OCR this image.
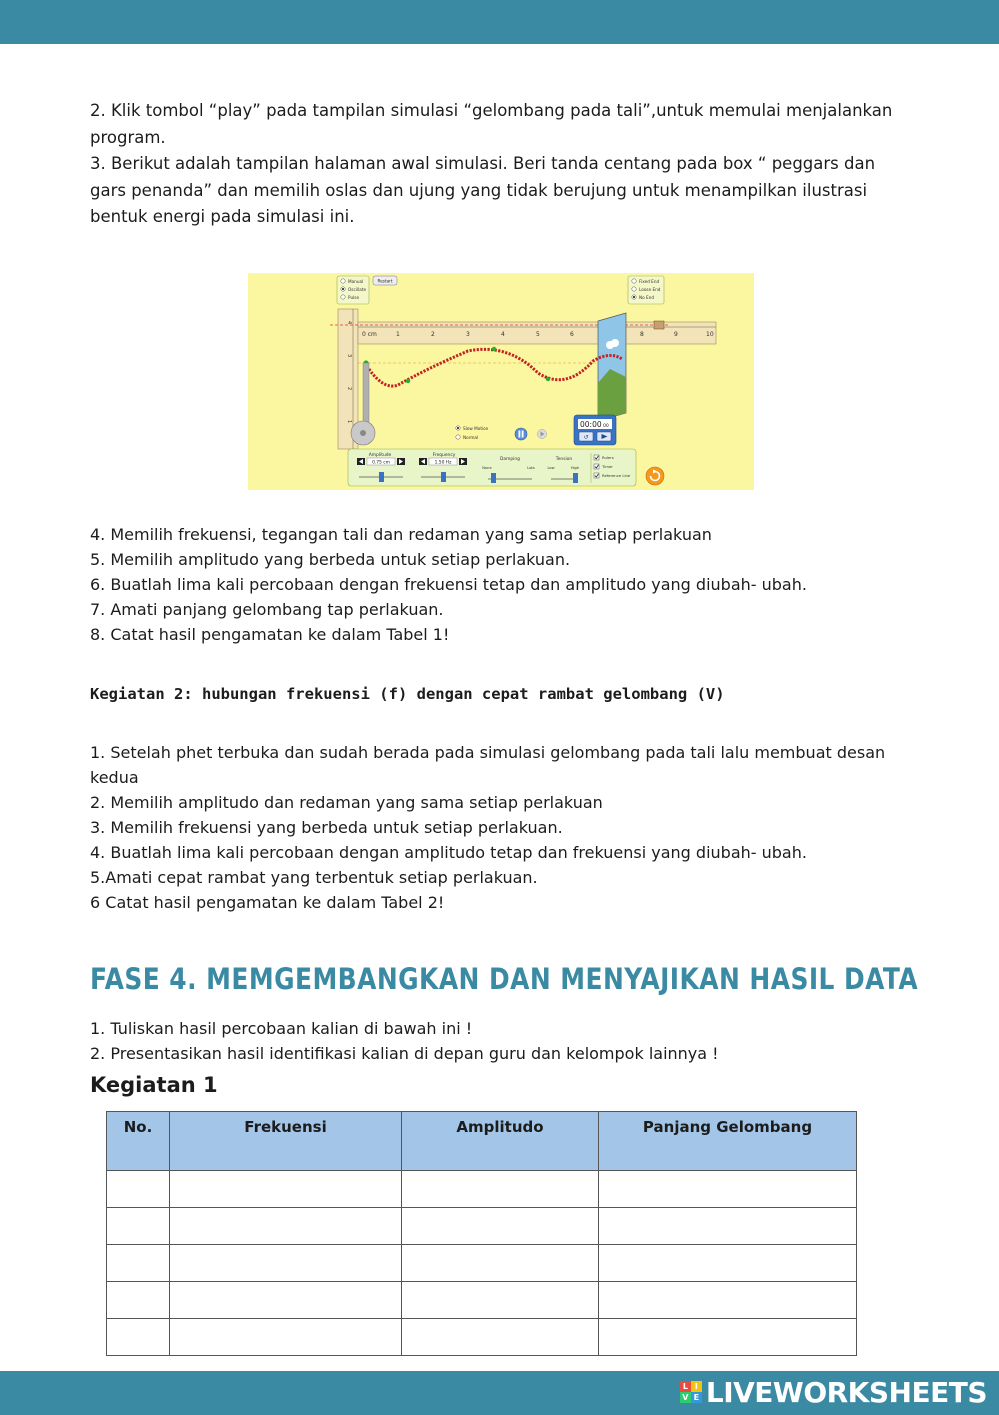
2. Klik tombol “play” pada tampilan simulasi “gelombang pada tali”,untuk memulai menjalankan
program.
3. Berikut adalah tampilan halaman awal simulasi. Beri tanda centang pada box “ peggars dan
gars penanda” dan memilih oslas dan ujung yang tidak berujung untuk menampilkan ilustrasi
bentuk energi pada simulasi ini.
Manual
Oscillate
Pulse
Restart	Fixed End
Loose End
No End
4
3
2
1
0 cm	1	2	3	4	5	6	8	9	10
Slow Motion
Normal
00:00 00
↺
Amplitude
0.75 cm
Frequency
1.50 Hz
Damping
None	Lots
Tension
Low	High
Rulers
Timer
Reference Line
4. Memilih frekuensi, tegangan tali dan redaman yang sama setiap perlakuan
5. Memilih amplitudo yang berbeda untuk setiap perlakuan.
6. Buatlah lima kali percobaan dengan frekuensi tetap dan amplitudo yang diubah- ubah.
7. Amati panjang gelombang tap perlakuan.
8. Catat hasil pengamatan ke dalam Tabel 1!
Kegiatan 2: hubungan frekuensi (f) dengan cepat rambat gelombang (V)
1. Setelah phet terbuka dan sudah berada pada simulasi gelombang pada tali lalu membuat desan
kedua
2. Memilih amplitudo dan redaman yang sama setiap perlakuan
3. Memilih frekuensi yang berbeda untuk setiap perlakuan.
4. Buatlah lima kali percobaan dengan amplitudo tetap dan frekuensi yang diubah- ubah.
5.Amati cepat rambat yang terbentuk setiap perlakuan.
6 Catat hasil pengamatan ke dalam Tabel 2!
FASE 4. MEMGEMBANGKAN DAN MENYAJIKAN HASIL DATA
1. Tuliskan hasil percobaan kalian di bawah ini !
2. Presentasikan hasil identifikasi kalian di depan guru dan kelompok lainnya !
Kegiatan 1
No.	Frekuensi	Amplitudo	Panjang Gelombang

L I
V E LIVEWORKSHEETS
